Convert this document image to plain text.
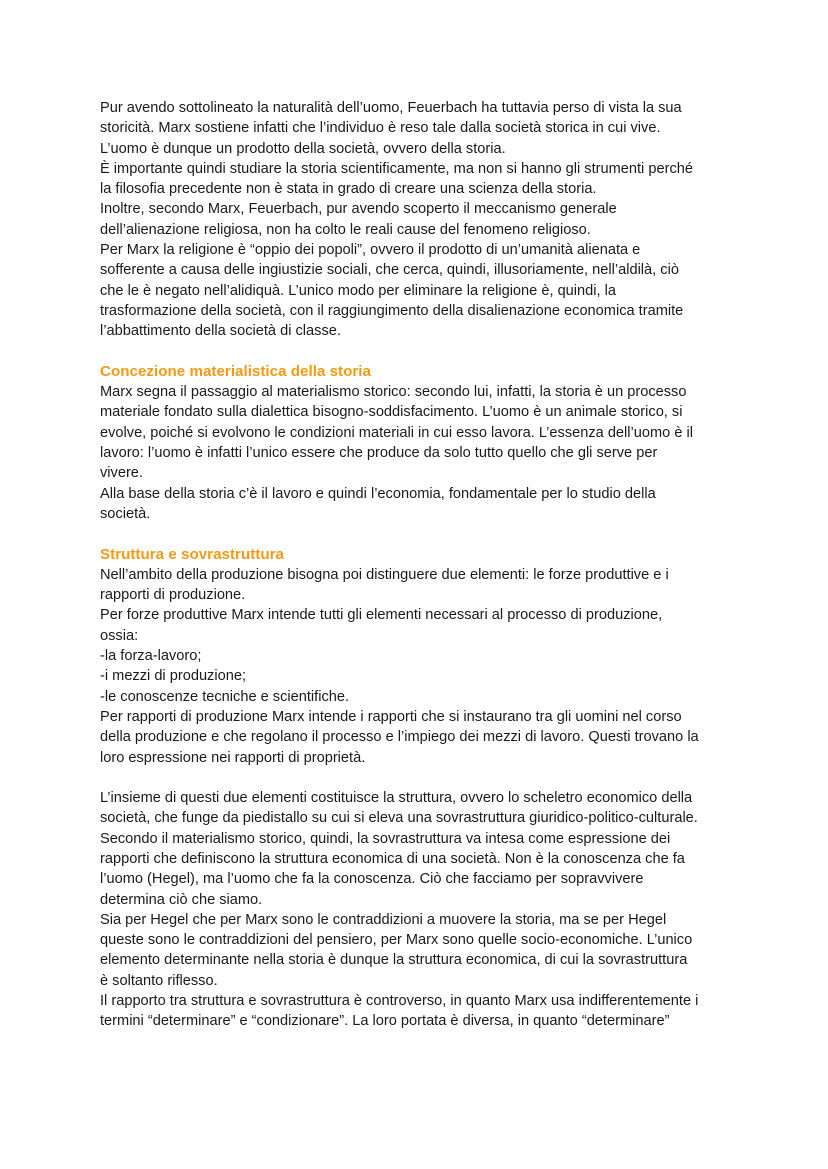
Pur avendo sottolineato la naturalità dell’uomo, Feuerbach ha tuttavia perso di vista la sua
storicità. Marx sostiene infatti che l’individuo è reso tale dalla società storica in cui vive.
L’uomo è dunque un prodotto della società, ovvero della storia.
È importante quindi studiare la storia scientificamente, ma non si hanno gli strumenti perché
la filosofia precedente non è stata in grado di creare una scienza della storia.
Inoltre, secondo Marx, Feuerbach, pur avendo scoperto il meccanismo generale
dell’alienazione religiosa, non ha colto le reali cause del fenomeno religioso.
Per Marx la religione è “oppio dei popoli”, ovvero il prodotto di un’umanità alienata e
sofferente a causa delle ingiustizie sociali, che cerca, quindi, illusoriamente, nell’aldilà, ciò
che le è negato nell’alidiquà. L’unico modo per eliminare la religione è, quindi, la
trasformazione della società, con il raggiungimento della disalienazione economica tramite
l’abbattimento della società di classe.
Concezione materialistica della storia
Marx segna il passaggio al materialismo storico: secondo lui, infatti, la storia è un processo
materiale fondato sulla dialettica bisogno-soddisfacimento. L’uomo è un animale storico, si
evolve, poiché si evolvono le condizioni materiali in cui esso lavora. L’essenza dell’uomo è il
lavoro: l’uomo è infatti l’unico essere che produce da solo tutto quello che gli serve per
vivere.
Alla base della storia c’è il lavoro e quindi l’economia, fondamentale per lo studio della
società.
Struttura e sovrastruttura
Nell’ambito della produzione bisogna poi distinguere due elementi: le forze produttive e i
rapporti di produzione.
Per forze produttive Marx intende tutti gli elementi necessari al processo di produzione,
ossia:
-la forza-lavoro;
-i mezzi di produzione;
-le conoscenze tecniche e scientifiche.
Per rapporti di produzione Marx intende i rapporti che si instaurano tra gli uomini nel corso
della produzione e che regolano il processo e l’impiego dei mezzi di lavoro. Questi trovano la
loro espressione nei rapporti di proprietà.
L’insieme di questi due elementi costituisce la struttura, ovvero lo scheletro economico della
società, che funge da piedistallo su cui si eleva una sovrastruttura giuridico-politico-culturale.
Secondo il materialismo storico, quindi, la sovrastruttura va intesa come espressione dei
rapporti che definiscono la struttura economica di una società. Non è la conoscenza che fa
l’uomo (Hegel), ma l’uomo che fa la conoscenza. Ciò che facciamo per sopravvivere
determina ciò che siamo.
Sia per Hegel che per Marx sono le contraddizioni a muovere la storia, ma se per Hegel
queste sono le contraddizioni del pensiero, per Marx sono quelle socio-economiche. L’unico
elemento determinante nella storia è dunque la struttura economica, di cui la sovrastruttura
è soltanto riflesso.
Il rapporto tra struttura e sovrastruttura è controverso, in quanto Marx usa indifferentemente i
termini “determinare” e “condizionare”. La loro portata è diversa, in quanto “determinare”
